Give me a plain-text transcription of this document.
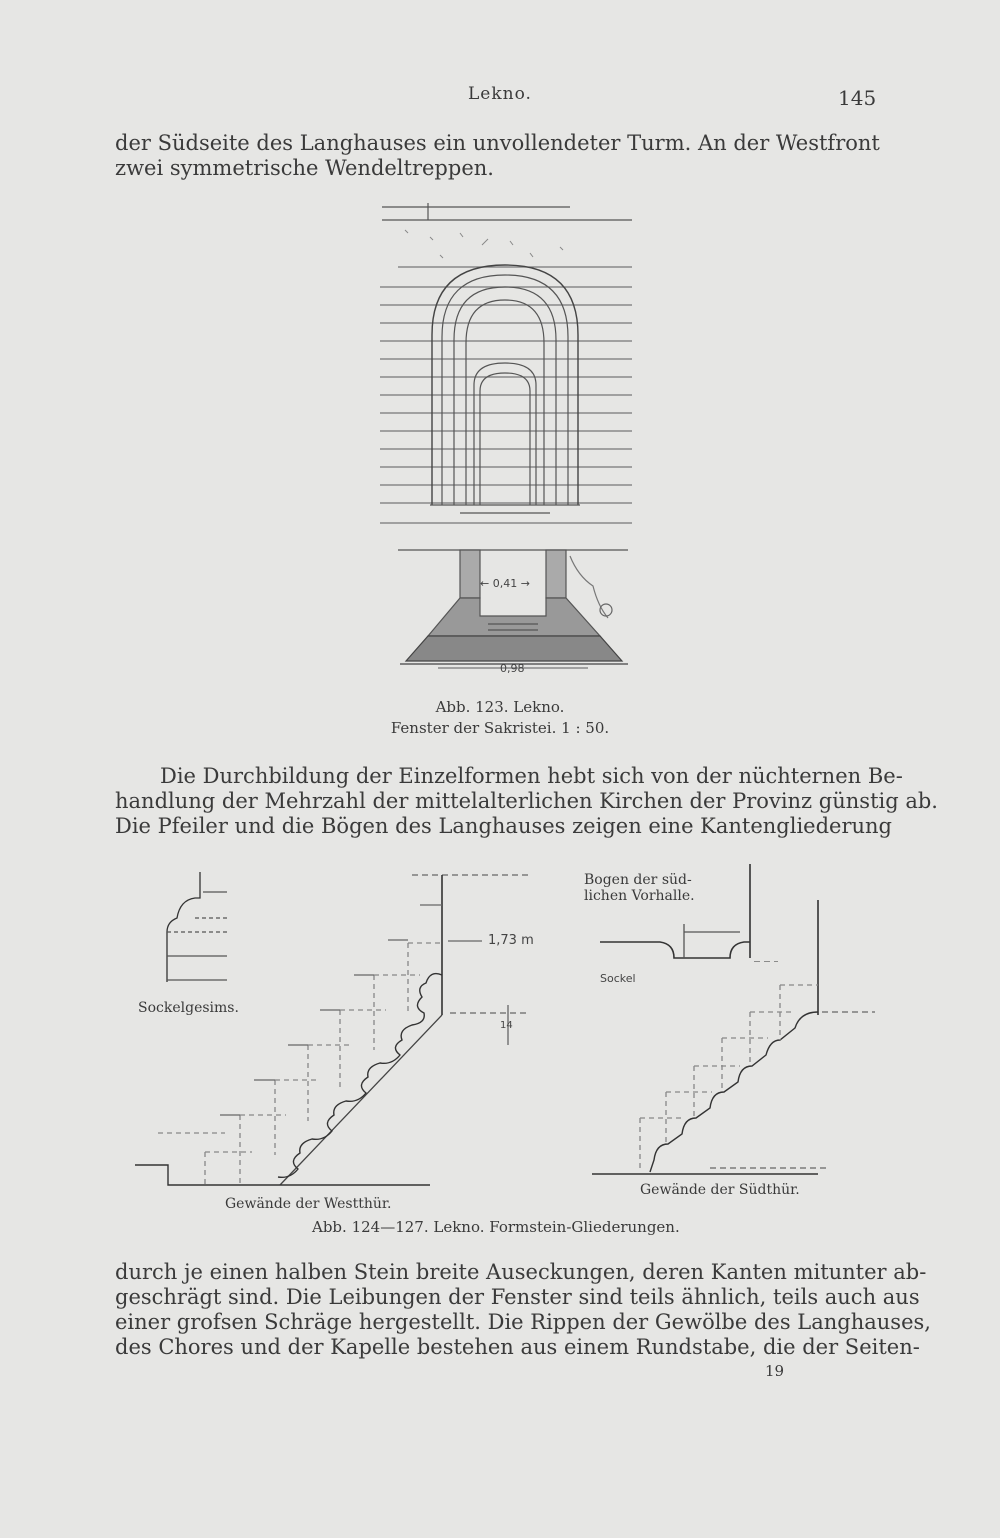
Lekno.	145
der Südseite des Langhauses ein unvollendeter Turm. An der Westfront
zwei symmetrische Wendeltreppen.
← 0,41 →
0,98
Abb. 123. Lekno.
Fenster der Sakristei. 1 : 50.
Die Durchbildung der Einzelformen hebt sich von der nüchternen Be-
handlung der Mehrzahl der mittelalterlichen Kirchen der Provinz günstig ab.
Die Pfeiler und die Bögen des Langhauses zeigen eine Kantengliederung
Sockelgesims.
1,73 m
14
Gewände der Westthür.
Bogen der süd-
lichen Vorhalle.
Sockel
Gewände der Südthür.
Abb. 124—127. Lekno. Formstein-Gliederungen.
durch je einen halben Stein breite Auseckungen, deren Kanten mitunter ab-
geschrägt sind. Die Leibungen der Fenster sind teils ähnlich, teils auch aus
einer grofsen Schräge hergestellt. Die Rippen der Gewölbe des Langhauses,
des Chores und der Kapelle bestehen aus einem Rundstabe, die der Seiten-
19
